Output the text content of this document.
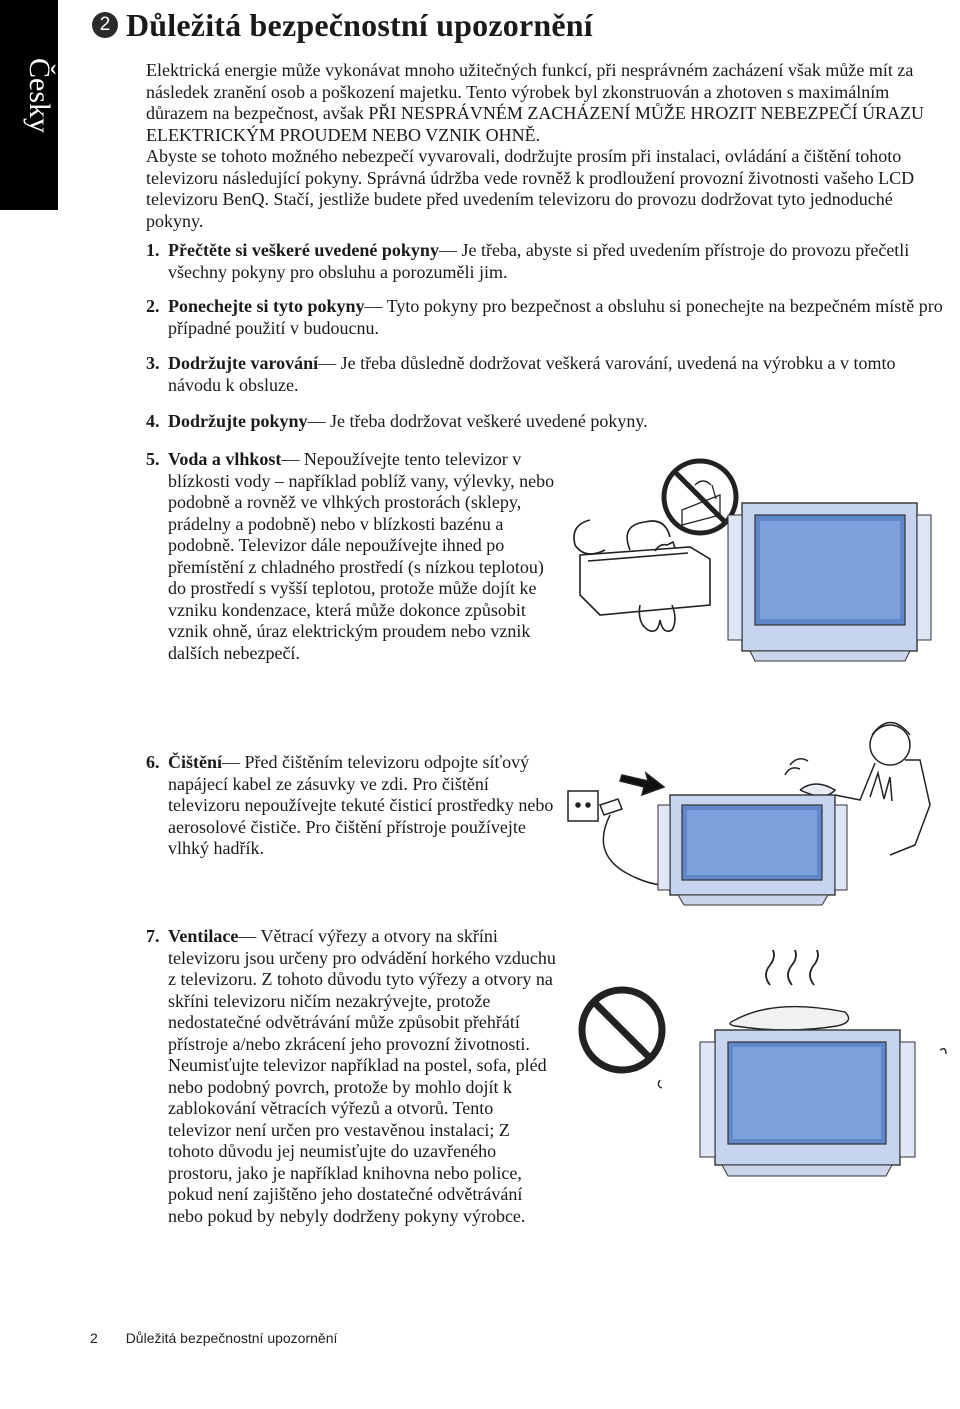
Česky
2 Důležitá bezpečnostní upozornění

Elektrická energie může vykonávat mnoho užitečných funkcí, při nesprávném zacházení však může mít za následek zranění osob a poškození majetku. Tento výrobek byl zkonstruován a zhotoven s maximálním důrazem na bezpečnost, avšak PŘI NESPRÁVNÉM ZACHÁZENÍ MŮŽE HROZIT NEBEZPEČÍ ÚRAZU ELEKTRICKÝM PROUDEM NEBO VZNIK OHNĚ.

Abyste se tohoto možného nebezpečí vyvarovali, dodržujte prosím při instalaci, ovládání a čištění tohoto televizoru následující pokyny. Správná údržba vede rovněž k prodloužení provozní životnosti vašeho LCD televizoru BenQ. Stačí, jestliže budete před uvedením televizoru do provozu dodržovat tyto jednoduché pokyny.

1. Přečtěte si veškeré uvedené pokyny— Je třeba, abyste si před uvedením přístroje do provozu přečetli všechny pokyny pro obsluhu a porozuměli jim.
2. Ponechejte si tyto pokyny— Tyto pokyny pro bezpečnost a obsluhu si ponechejte na bezpečném místě pro případné použití v budoucnu.
3. Dodržujte varování— Je třeba důsledně dodržovat veškerá varování, uvedená na výrobku a v tomto návodu k obsluze.
4. Dodržujte pokyny— Je třeba dodržovat veškeré uvedené pokyny.
5. Voda a vlhkost— Nepoužívejte tento televizor v blízkosti vody – například poblíž vany, výlevky, nebo podobně a rovněž ve vlhkých prostorách (sklepy, prádelny a podobně) nebo v blízkosti bazénu a podobně. Televizor dále nepoužívejte ihned po přemístění z chladného prostředí (s nízkou teplotou) do prostředí s vyšší teplotou, protože může dojít ke vzniku kondenzace, která může dokonce způsobit vznik ohně, úraz elektrickým proudem nebo vznik dalších nebezpečí.
6. Čištění— Před čištěním televizoru odpojte síťový napájecí kabel ze zásuvky ve zdi. Pro čištění televizoru nepoužívejte tekuté čisticí prostředky nebo aerosolové čističe. Pro čištění přístroje používejte vlhký hadřík.
7. Ventilace— Větrací výřezy a otvory na skříni televizoru jsou určeny pro odvádění horkého vzduchu z televizoru. Z tohoto důvodu tyto výřezy a otvory na skříni televizoru ničím nezakrývejte, protože nedostatečné odvětrávání může způsobit přehřátí přístroje a/nebo zkrácení jeho provozní životnosti. Neumisťujte televizor například na postel, sofa, pléd nebo podobný povrch, protože by mohlo dojít k zablokování větracích výřezů a otvorů. Tento televizor není určen pro vestavěnou instalaci; Z tohoto důvodu jej neumisťujte do uzavřeného prostoru, jako je například knihovna nebo police, pokud není zajištěno jeho dostatečné odvětrávání nebo pokud by nebyly dodrženy pokyny výrobce.
2 Důležitá bezpečnostní upozornění
